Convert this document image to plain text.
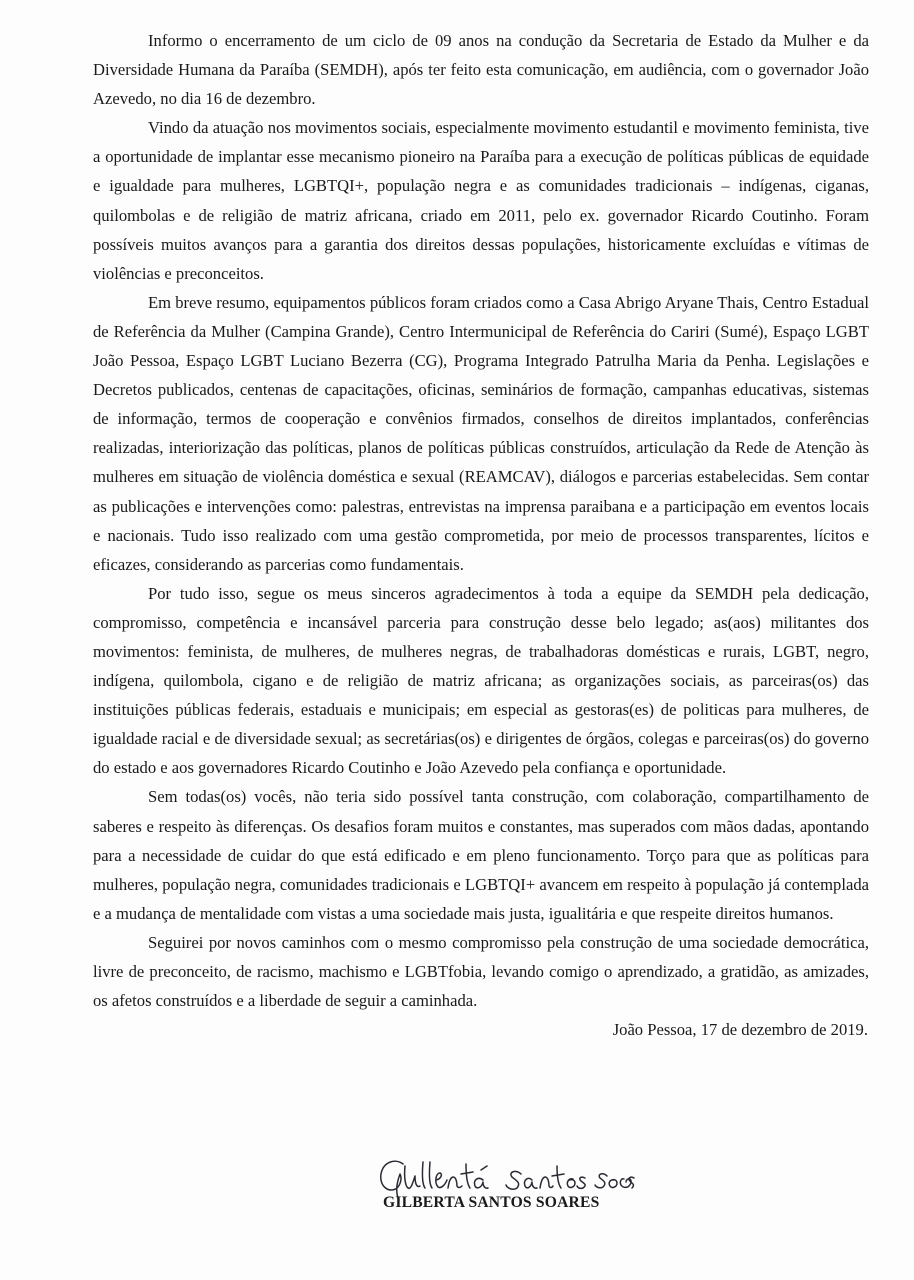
Informo o encerramento de um ciclo de 09 anos na condução da Secretaria de Estado da Mulher e da Diversidade Humana da Paraíba (SEMDH), após ter feito esta comunicação, em audiência, com o governador João Azevedo, no dia 16 de dezembro.

Vindo da atuação nos movimentos sociais, especialmente movimento estudantil e movimento feminista, tive a oportunidade de implantar esse mecanismo pioneiro na Paraíba para a execução de políticas públicas de equidade e igualdade para mulheres, LGBTQI+, população negra e as comunidades tradicionais – indígenas, ciganas, quilombolas e de religião de matriz africana, criado em 2011, pelo ex. governador Ricardo Coutinho. Foram possíveis muitos avanços para a garantia dos direitos dessas populações, historicamente excluídas e vítimas de violências e preconceitos.

Em breve resumo, equipamentos públicos foram criados como a Casa Abrigo Aryane Thais, Centro Estadual de Referência da Mulher (Campina Grande), Centro Intermunicipal de Referência do Cariri (Sumé), Espaço LGBT João Pessoa, Espaço LGBT Luciano Bezerra (CG), Programa Integrado Patrulha Maria da Penha. Legislações e Decretos publicados, centenas de capacitações, oficinas, seminários de formação, campanhas educativas, sistemas de informação, termos de cooperação e convênios firmados, conselhos de direitos implantados, conferências realizadas, interiorização das políticas, planos de políticas públicas construídos, articulação da Rede de Atenção às mulheres em situação de violência doméstica e sexual (REAMCAV), diálogos e parcerias estabelecidas. Sem contar as publicações e intervenções como: palestras, entrevistas na imprensa paraibana e a participação em eventos locais e nacionais. Tudo isso realizado com uma gestão comprometida, por meio de processos transparentes, lícitos e eficazes, considerando as parcerias como fundamentais.

Por tudo isso, segue os meus sinceros agradecimentos à toda a equipe da SEMDH pela dedicação, compromisso, competência e incansável parceria para construção desse belo legado; as(aos) militantes dos movimentos: feminista, de mulheres, de mulheres negras, de trabalhadoras domésticas e rurais, LGBT, negro, indígena, quilombola, cigano e de religião de matriz africana; as organizações sociais, as parceiras(os) das instituições públicas federais, estaduais e municipais; em especial as gestoras(es) de politicas para mulheres, de igualdade racial e de diversidade sexual; as secretárias(os) e dirigentes de órgãos, colegas e parceiras(os) do governo do estado e aos governadores Ricardo Coutinho e João Azevedo pela confiança e oportunidade.

Sem todas(os) vocês, não teria sido possível tanta construção, com colaboração, compartilhamento de saberes e respeito às diferenças. Os desafios foram muitos e constantes, mas superados com mãos dadas, apontando para a necessidade de cuidar do que está edificado e em pleno funcionamento. Torço para que as políticas para mulheres, população negra, comunidades tradicionais e LGBTQI+ avancem em respeito à população já contemplada e a mudança de mentalidade com vistas a uma sociedade mais justa, igualitária e que respeite direitos humanos.

Seguirei por novos caminhos com o mesmo compromisso pela construção de uma sociedade democrática, livre de preconceito, de racismo, machismo e LGBTfobia, levando comigo o aprendizado, a gratidão, as amizades, os afetos construídos e a liberdade de seguir a caminhada.

João Pessoa, 17 de dezembro de 2019.

GILBERTA SANTOS SOARES
